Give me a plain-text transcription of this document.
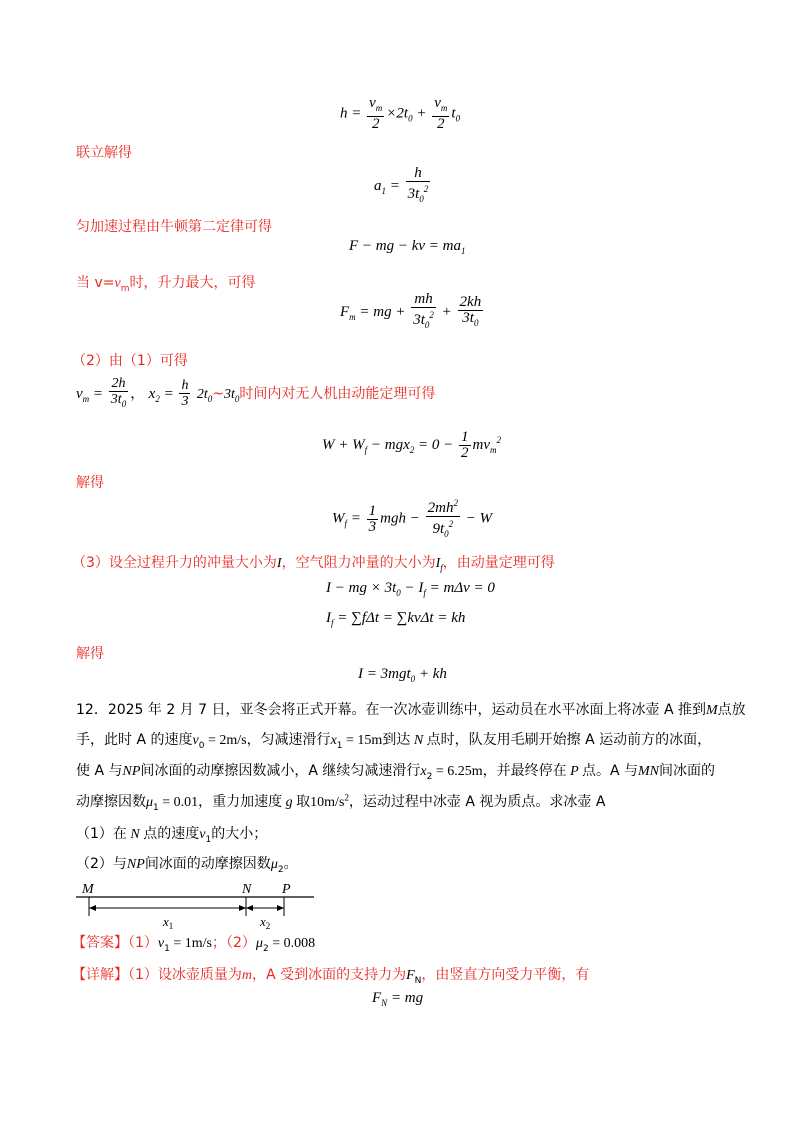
$h = \frac{v_m}{2} \times 2t_0 + \frac{v_m}{2} t_0$
联立解得
$a_1 = \frac{h}{3t_0^2}$
匀加速过程由牛顿第二定律可得
F − mg − kv = $ma_1$
当 $v=v_m$时，升力最大，可得
$F_m$ = mg + $\frac{mh}{3t_0^2} + \frac{2kh}{3t_0}$
（2）由（1）可得
$v_m = \frac{2h}{3t_0}$ ， $x_2 = \frac{h}{3}$ $2t_0\sim 3t_0$时间内对无人机由动能定理可得
$W + W_f - mgx_2 = 0 - \frac{1}{2} mv_m^2$
解得
$W_f = \frac{1}{3}$ mgh − $\frac{2mh^2}{9t_0^2} - W$
（3）设全过程升力的冲量大小为I，空气阻力冲量的大小为$I_f$，由动量定理可得
I − mg × $3t_0 - I_f = m\Delta v = 0$
$I_f = \sum f\Delta t = \sum kv\Delta t$ = kh
解得
I = 3mgt$_0$ + kh
12．2025 年 2 月 7 日，亚冬会将正式开幕。在一次冰壶训练中，运动员在水平冰面上将冰壶 A 推到M点放
手，此时 A 的速度$v_0 = 2m/s$，匀减速滑行$x_1 = 15m$到达 N 点时，队友用毛刷开始擦 A 运动前方的冰面，
使 A 与NP间冰面的动摩擦因数减小，A 继续匀减速滑行$x_2 = 6.25m$，并最终停在 P 点。A 与MN间冰面的
动摩擦因数$\mu_1 = 0.01$，重力加速度 g 取$10m/s^2$，运动过程中冰壶 A 视为质点。求冰壶 A
（1）在 N 点的速度$v_1$的大小；
（2）与NP间冰面的动摩擦因数$\mu_2$。
M	N P
$x_1$	$x_2$
【答案】$(1)v_1 = 1m/s$；$(2)\mu_2 = 0.008$
【详解】（1）设冰壶质量为m，A 受到冰面的支持力为$F_N$，由竖直方向受力平衡，有
$F_N$ = mg
